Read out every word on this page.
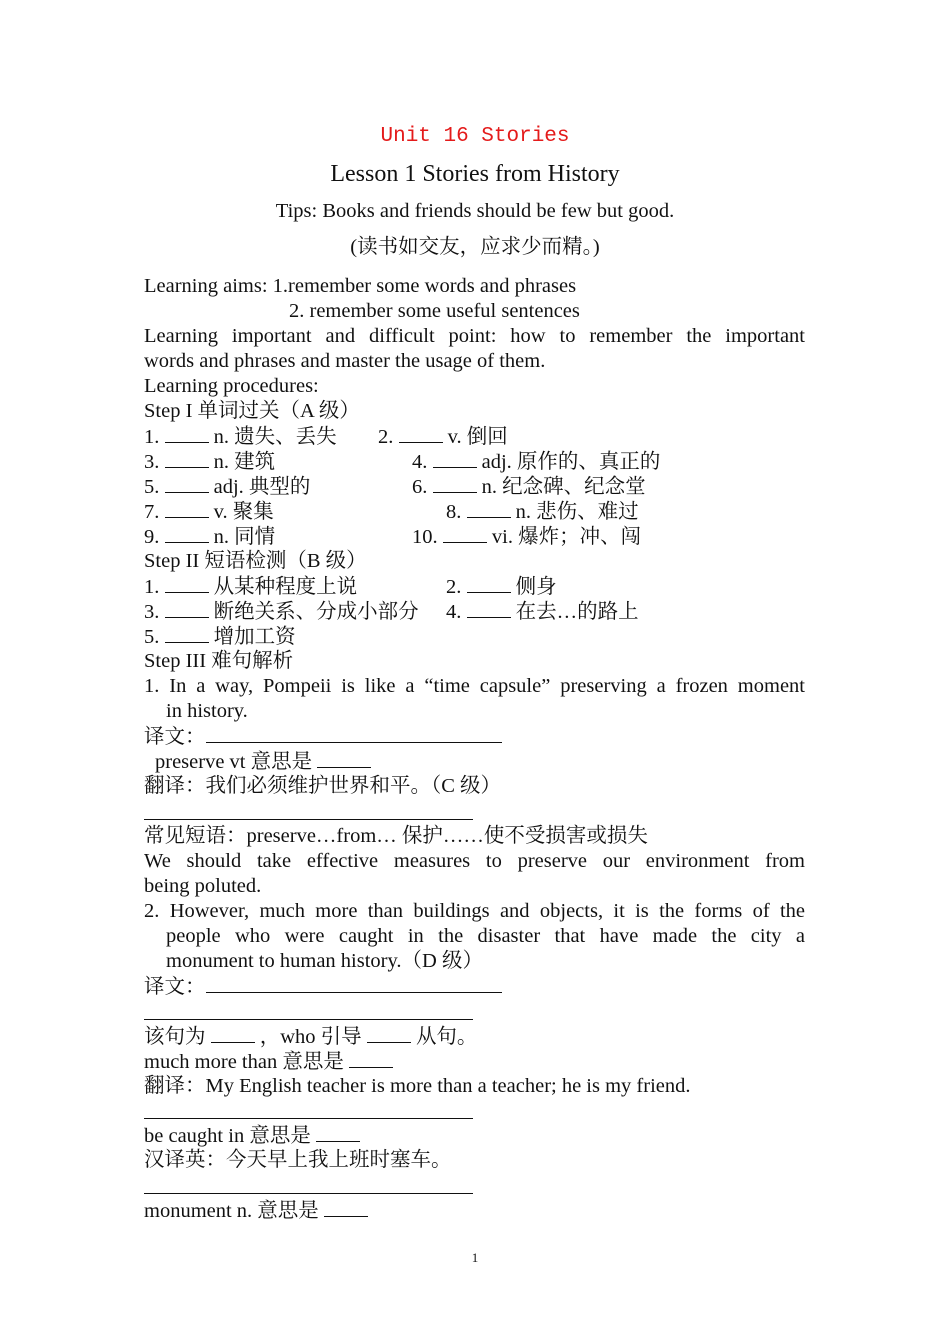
Unit 16 Stories
Lesson 1 Stories from History
Tips: Books and friends should be few but good.
(读书如交友，应求少而精。)
Learning aims: 1.remember some words and phrases
2. remember some useful sentences
Learning important and difficult point: how to remember the important
words and phrases and master the usage of them.
Learning procedures:
Step I 单词过关（A 级）
1.	n. 遗失、丢失 2.	v. 倒回
3.	n. 建筑	4.	adj. 原作的、真正的
5.	adj. 典型的	6.	n. 纪念碑、纪念堂
7.	v. 聚集	8.	n. 悲伤、难过
9.	n. 同情	10.	vi. 爆炸；冲、闯
Step II 短语检测（B 级）
1.	从某种程度上说	2.	侧身
3.	断绝关系、分成小部分 4.	在去…的路上
5.	增加工资
Step III 难句解析
1. In a way, Pompeii is like a “time capsule” preserving a frozen moment
in history.
译文：
preserve vt 意思是
翻译：我们必须维护世界和平。（C 级）
常见短语：preserve…from… 保护……使不受损害或损失
We should take effective measures to preserve our environment from
being poluted.
2. However, much more than buildings and objects, it is the forms of the
people who were caught in the disaster that have made the city a
monument to human history.（D 级）
译文：
该句为	，who 引导	从句。
much more than 意思是
翻译：My English teacher is more than a teacher; he is my friend.
be caught in 意思是
汉译英：今天早上我上班时塞车。
monument n. 意思是
1
